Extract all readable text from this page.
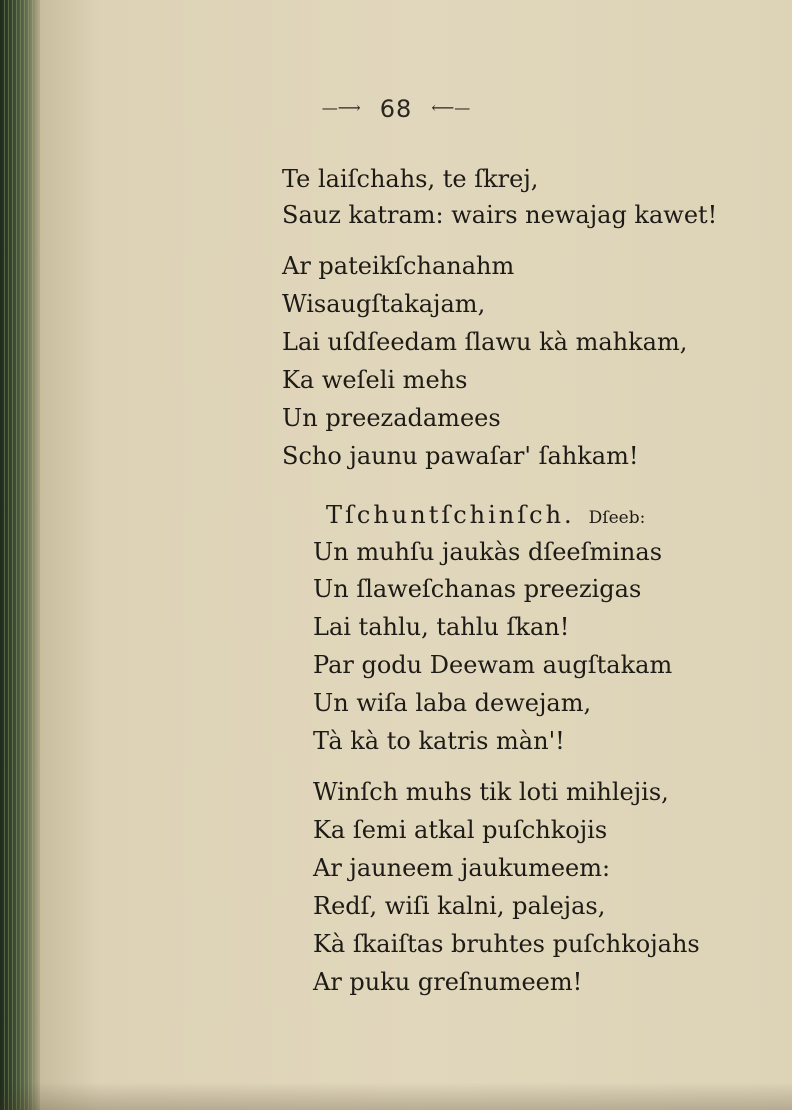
—⟶ 68 ⟵—
Te laiſchahs, te ſkrej,
Sauz katram: wairs newajag kawet!
Ar pateikſchanahm
Wisaugſtakajam,
Lai uſdſeedam ſlawu kà mahkam,
Ka weſeli mehs
Un preezadamees
Scho jaunu pawaſar' ſahkam!
Tſchuntſchinſch. Dſeeb:
Un muhſu jaukàs dſeeſminas
Un ſlaweſchanas preezigas
Lai tahlu, tahlu ſkan!
Par godu Deewam augſtakam
Un wiſa laba dewejam,
Tà kà to katris màn'!
Winſch muhs tik loti mihlejis,
Ka ſemi atkal puſchkojis
Ar jauneem jaukumeem:
Redſ, wiſi kalni, palejas,
Kà ſkaiſtas bruhtes puſchkojahs
Ar puku greſnumeem!
